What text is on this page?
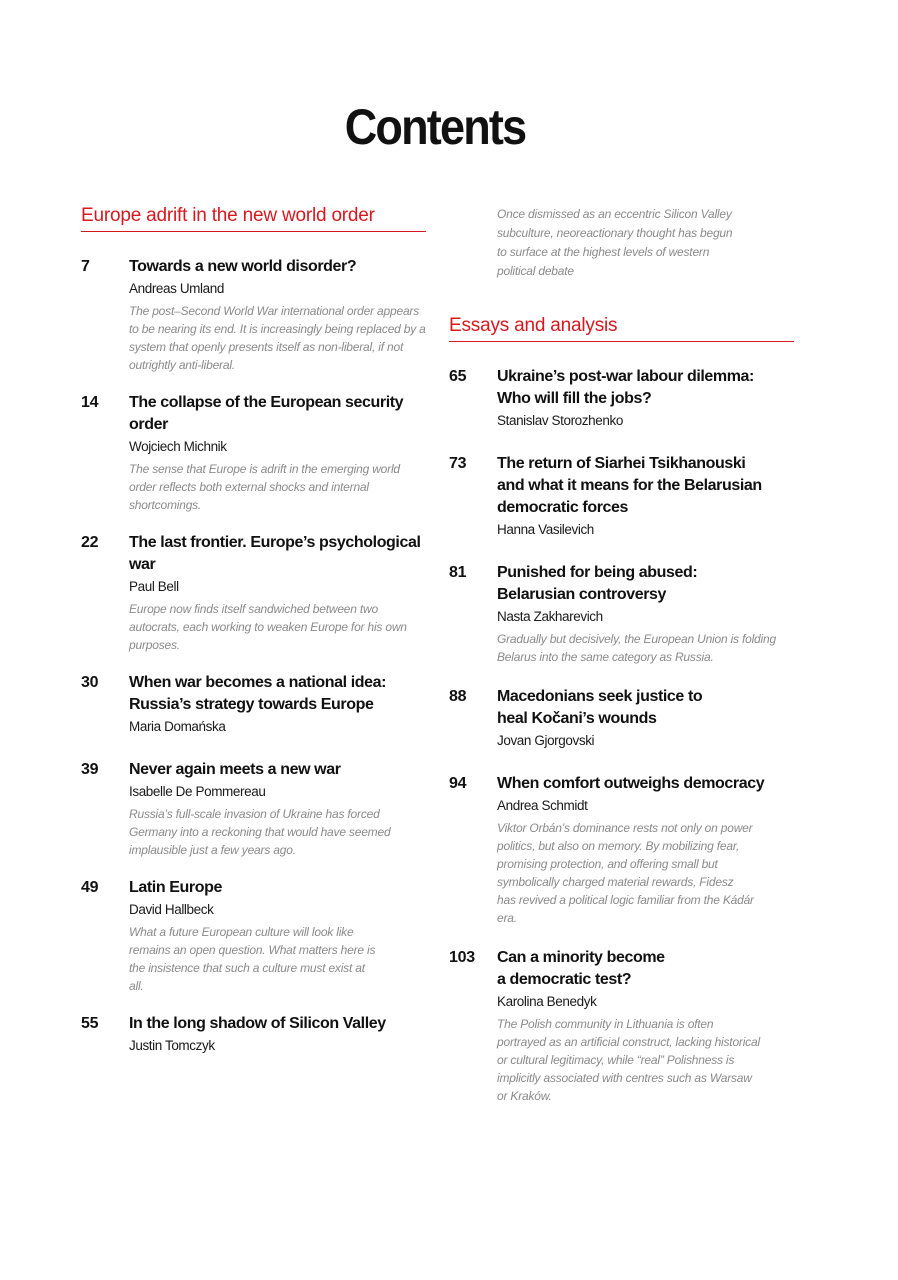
Contents
Europe adrift in the new world order
7	Towards a new world disorder?
Andreas Umland
The post–Second World War international order appears to be nearing its end. It is increasingly being replaced by a system that openly presents itself as non-liberal, if not outrightly anti-liberal.
14	The collapse of the European security order
Wojciech Michnik
The sense that Europe is adrift in the emerging world order reflects both external shocks and internal shortcomings.
22	The last frontier. Europe’s psychological war
Paul Bell
Europe now finds itself sandwiched between two autocrats, each working to weaken Europe for his own purposes.
30	When war becomes a national idea: Russia’s strategy towards Europe
Maria Domańska
39	Never again meets a new war
Isabelle De Pommereau
Russia’s full-scale invasion of Ukraine has forced Germany into a reckoning that would have seemed implausible just a few years ago.
49	Latin Europe
David Hallbeck
What a future European culture will look like remains an open question. What matters here is the insistence that such a culture must exist at all.
55	In the long shadow of Silicon Valley
Justin Tomczyk
Once dismissed as an eccentric Silicon Valley subculture, neoreactionary thought has begun to surface at the highest levels of western political debate
Essays and analysis
65	Ukraine’s post-war labour dilemma: Who will fill the jobs?
Stanislav Storozhenko
73	The return of Siarhei Tsikhanouski and what it means for the Belarusian democratic forces
Hanna Vasilevich
81	Punished for being abused: Belarusian controversy
Nasta Zakharevich
Gradually but decisively, the European Union is folding Belarus into the same category as Russia.
88	Macedonians seek justice to heal Kočani’s wounds
Jovan Gjorgovski
94	When comfort outweighs democracy
Andrea Schmidt
Viktor Orbán’s dominance rests not only on power politics, but also on memory. By mobilizing fear, promising protection, and offering small but symbolically charged material rewards, Fidesz has revived a political logic familiar from the Kádár era.
103	Can a minority become a democratic test?
Karolina Benedyk
The Polish community in Lithuania is often portrayed as an artificial construct, lacking historical or cultural legitimacy, while “real” Polishness is implicitly associated with centres such as Warsaw or Kraków.
